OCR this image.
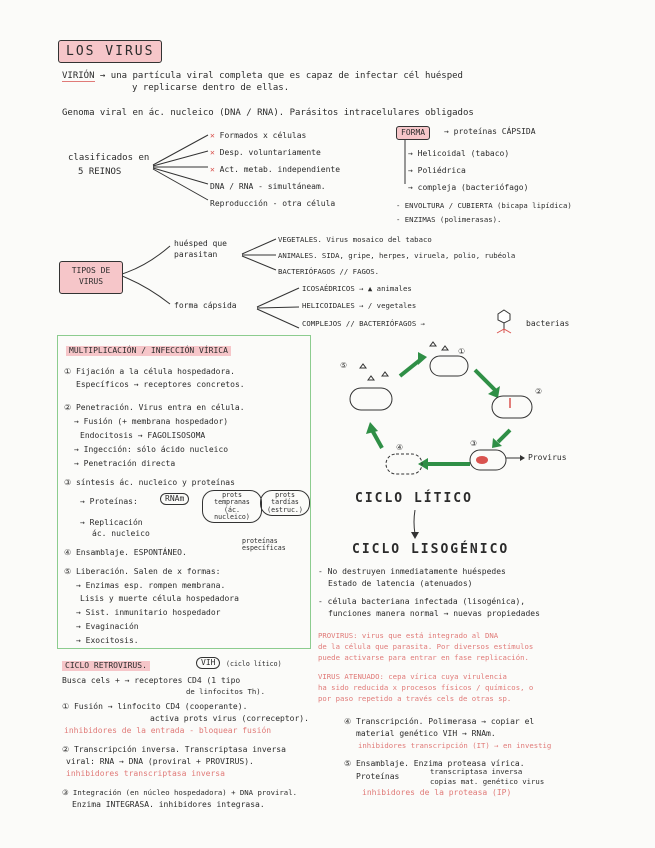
LOS VIRUS
VIRIÓN → una partícula viral completa que es capaz de infectar cél huésped
y replicarse dentro de ellas.
Genoma viral en ác. nucleico (DNA / RNA). Parásitos intracelulares obligados
clasificados en
5 REINOS
✕ Formados x células
✕ Desp. voluntariamente
✕ Act. metab. independiente
DNA / RNA - simultáneam.
Reproducción - otra célula
FORMA	→ proteínas CÁPSIDA
→ Helicoidal (tabaco)
→ Poliédrica
→ compleja (bacteriófago)
- ENVOLTURA / CUBIERTA (bicapa lipídica)
- ENZIMAS (polimerasas).
TIPOS DE
VIRUS
huésped que
parasitan
VEGETALES. Virus mosaico del tabaco
ANIMALES. SIDA, gripe, herpes, viruela, polio, rubéola
BACTERIÓFAGOS // FAGOS.
forma cápsida
ICOSAÉDRICOS → ▲ animales
HELICOIDALES → / vegetales
COMPLEJOS // BACTERIÓFAGOS →	bacterias
MULTIPLICACIÓN / INFECCIÓN VÍRICA
① Fijación a la célula hospedadora.
Específicos → receptores concretos.
② Penetración. Virus entra en célula.
→ Fusión (+ membrana hospedador)
Endocitosis → FAGOLISOSOMA
→ Ingección: sólo ácido nucleico
→ Penetración directa
③ síntesis ác. nucleico y proteínas
→ Proteínas:	RNAm	prots tempranas (ác. nucleico)
prots tardías (estruc.)
→ Replicación
ác. nucleico
④ Ensamblaje. ESPONTÁNEO.
proteínas específicas
⑤ Liberación. Salen de x formas:
→ Enzimas esp. rompen membrana.
Lisis y muerte célula hospedadora
→ Sist. inmunitario hospedador
→ Evaginación
→ Exocitosis.
⑤
①
②
③
④
Provirus
CICLO LÍTICO
CICLO LISOGÉNICO
- No destruyen inmediatamente huéspedes
Estado de latencia (atenuados)
- célula bacteriana infectada (lisogénica),
funciones manera normal → nuevas propiedades
PROVIRUS: virus que está integrado al DNA
de la célula que parasita. Por diversos estímulos
puede activarse para entrar en fase replicación.
VIRUS ATENUADO: cepa vírica cuya virulencia
ha sido reducida x procesos físicos / químicos, o
por paso repetido a través cels de otras sp.
CICLO RETROVIRUS.	VIH	(ciclo lítico)
Busca cels + → receptores CD4 (1 tipo
de linfocitos Th).
① Fusión → linfocito CD4 (cooperante).
activa prots virus (correceptor).
inhibidores de la entrada - bloquear fusión
② Transcripción inversa. Transcriptasa inversa
viral: RNA → DNA (proviral + PROVIRUS).
inhibidores transcriptasa inversa
③ Integración (en núcleo hospedadora) + DNA proviral.
Enzima INTEGRASA. inhibidores integrasa.
④ Transcripción. Polimerasa → copiar el
material genético VIH → RNAm.
inhibidores transcripción (IT) → en investig
⑤ Ensamblaje. Enzima proteasa vírica.
Proteínas
transcriptasa inversa
copias mat. genético virus
inhibidores de la proteasa (IP)
